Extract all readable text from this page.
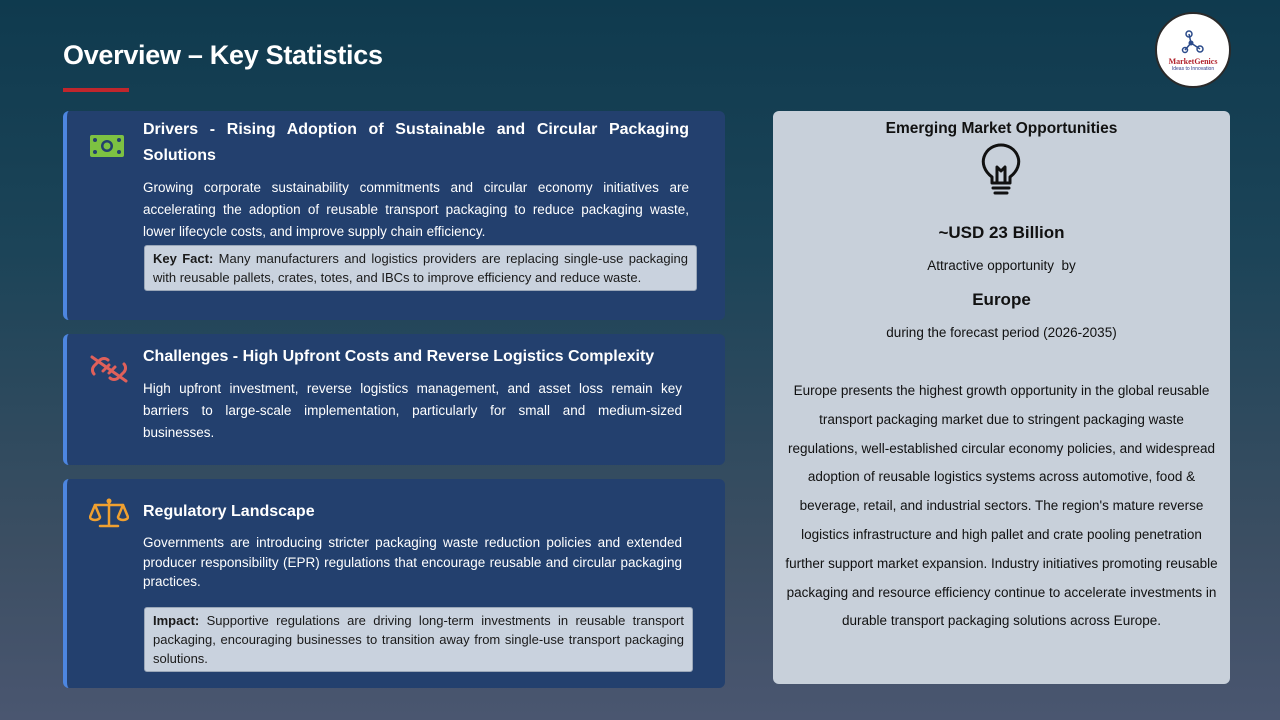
Overview – Key Statistics	MarketGenics
Ideas to Innovation
Drivers - Rising Adoption of Sustainable and Circular Packaging Solutions
Growing corporate sustainability commitments and circular economy initiatives are accelerating the adoption of reusable transport packaging to reduce packaging waste, lower lifecycle costs, and improve supply chain efficiency.
Key Fact: Many manufacturers and logistics providers are replacing single-use packaging with reusable pallets, crates, totes, and IBCs to improve efficiency and reduce waste.
Challenges - High Upfront Costs and Reverse Logistics Complexity
High upfront investment, reverse logistics management, and asset loss remain key barriers to large-scale implementation, particularly for small and medium-sized businesses.
Regulatory Landscape
Governments are introducing stricter packaging waste reduction policies and extended producer responsibility (EPR) regulations that encourage reusable and circular packaging practices.
Impact: Supportive regulations are driving long-term investments in reusable transport packaging, encouraging businesses to transition away from single-use transport packaging solutions.
Emerging Market Opportunities
~USD 23 Billion
Attractive opportunity  by
Europe
during the forecast period (2026-2035)
Europe presents the highest growth opportunity in the global reusable transport packaging market due to stringent packaging waste regulations, well-established circular economy policies, and widespread adoption of reusable logistics systems across automotive, food & beverage, retail, and industrial sectors. The region's mature reverse logistics infrastructure and high pallet and crate pooling penetration further support market expansion. Industry initiatives promoting reusable packaging and resource efficiency continue to accelerate investments in durable transport packaging solutions across Europe.
